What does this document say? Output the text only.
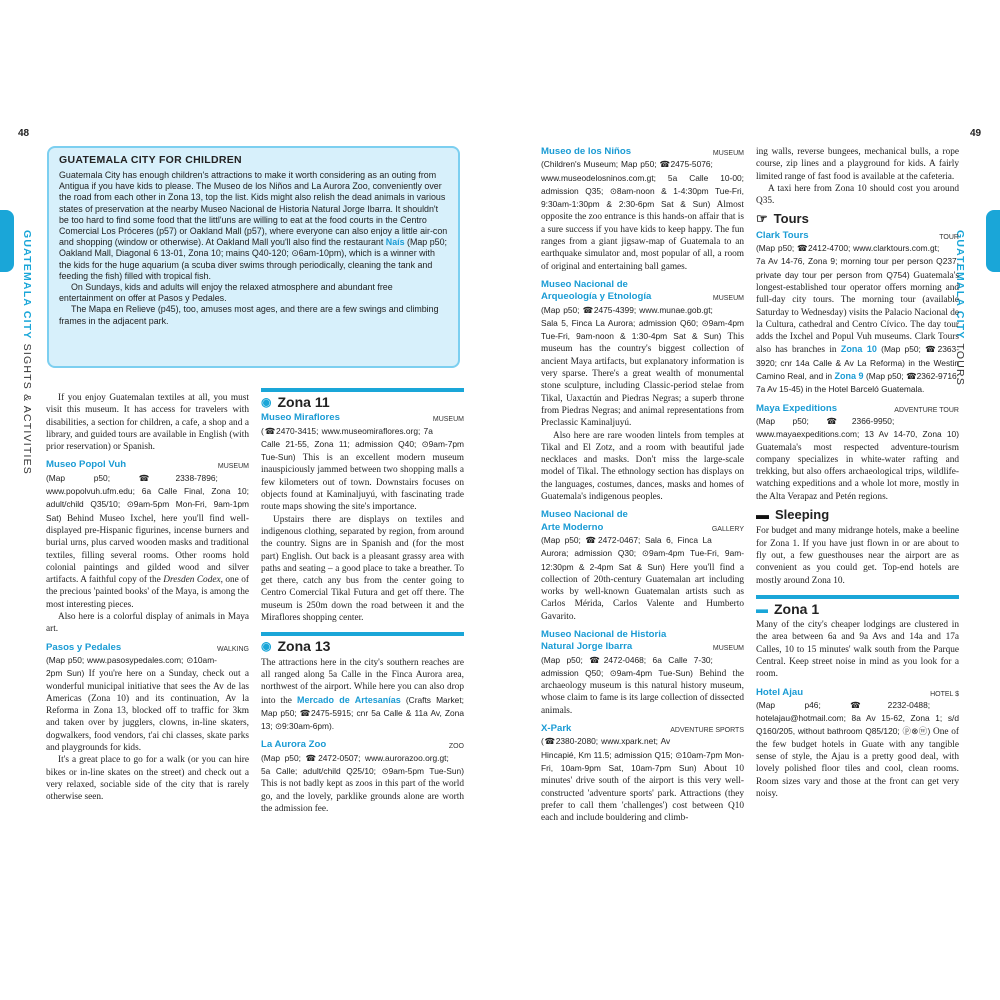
48	49
GUATEMALA CITY SIGHTS & ACTIVITIES
GUATEMALA CITY TOURS
GUATEMALA CITY FOR CHILDREN

Guatemala City has enough children's attractions to make it worth considering as an outing from Antigua if you have kids to please. The Museo de los Niños and La Aurora Zoo, conveniently over the road from each other in Zona 13, top the list. Kids might also relish the dead animals in various states of preservation at the nearby Museo Nacional de Historia Natural Jorge Ibarra. It shouldn't be too hard to find some food that the littl'uns are willing to eat at the food courts in the Centro Comercial Los Próceres (p57) or Oakland Mall (p57), where everyone can also enjoy a little air-con and shopping (window or otherwise). At Oakland Mall you'll also find the restaurant Naís (Map p50; Oakland Mall, Diagonal 6 13-01, Zona 10; mains Q40-120; ⊙6am-10pm), which is a winner with the kids for the huge aquarium (a scuba diver swims through periodically, cleaning the tank and feeding the fish) filled with tropical fish.

On Sundays, kids and adults will enjoy the relaxed atmosphere and abundant free entertainment on offer at Pasos y Pedales.

The Mapa en Relieve (p45), too, amuses most ages, and there are a few swings and climbing frames in the adjacent park.

If you enjoy Guatemalan textiles at all, you must visit this museum. It has access for travelers with disabilities, a section for children, a cafe, a shop and a library, and guided tours are available in English (with prior reservation) or Spanish.

Museo Popol Vuh	MUSEUM

(Map p50; ☎2338-7896; www.popolvuh.ufm.edu; 6a Calle Final, Zona 10; adult/child Q35/10; ⊙9am-5pm Mon-Fri, 9am-1pm Sat) Behind Museo Ixchel, here you'll find well-displayed pre-Hispanic figurines, incense burners and burial urns, plus carved wooden masks and traditional textiles, filling several rooms. Other rooms hold colonial paintings and gilded wood and silver artifacts. A faithful copy of the Dresden Codex, one of the precious 'painted books' of the Maya, is among the most interesting pieces.

Also here is a colorful display of animals in Maya art.

Pasos y Pedales	WALKING

(Map p50; www.pasosypedales.com; ⊙10am-2pm Sun) If you're here on a Sunday, check out a wonderful municipal initiative that sees the Av de las Americas (Zona 10) and its continuation, Av la Reforma in Zona 13, blocked off to traffic for 3km and taken over by jugglers, clowns, in-line skaters, dogwalkers, food vendors, t'ai chi classes, skate parks and playgrounds for kids.

It's a great place to go for a walk (or you can hire bikes or in-line skates on the street) and check out a very relaxed, sociable side of the city that is rarely otherwise seen.

◉ Zona 11
Museo Miraflores	MUSEUM

(☎2470-3415; www.museomiraflores.org; 7a Calle 21-55, Zona 11; admission Q40; ⊙9am-7pm Tue-Sun) This is an excellent modern museum inauspiciously jammed between two shopping malls a few kilometers out of town. Downstairs focuses on objects found at Kaminaljuyú, with fascinating trade route maps showing the site's importance.

Upstairs there are displays on textiles and indigenous clothing, separated by region, from around the country. Signs are in Spanish and (for the most part) English. Out back is a pleasant grassy area with paths and seating – a good place to take a breather. To get there, catch any bus from the center going to Centro Comercial Tikal Futura and get off there. The museum is 250m down the road between it and the Miraflores shopping center.

◉ Zona 13

The attractions here in the city's southern reaches are all ranged along 5a Calle in the Finca Aurora area, northwest of the airport. While here you can also drop into the Mercado de Artesanías (Crafts Market; Map p50; ☎2475-5915; cnr 5a Calle & 11a Av, Zona 13; ⊙9:30am-6pm).

La Aurora Zoo	ZOO

(Map p50; ☎2472-0507; www.aurorazoo.org.gt; 5a Calle; adult/child Q25/10; ⊙9am-5pm Tue-Sun) This is not badly kept as zoos in this part of the world go, and the lovely, parklike grounds alone are worth the admission fee.

Museo de los Niños	MUSEUM

(Children's Museum; Map p50; ☎2475-5076; www.museodelosninos.com.gt; 5a Calle 10-00; admission Q35; ⊙8am-noon & 1-4:30pm Tue-Fri, 9:30am-1:30pm & 2:30-6pm Sat & Sun) Almost opposite the zoo entrance is this hands-on affair that is a sure success if you have kids to keep happy. The fun ranges from a giant jigsaw-map of Guatemala to an earthquake simulator and, most popular of all, a room of original and entertaining ball games.

Museo Nacional de
Arqueología y Etnología	MUSEUM

(Map p50; ☎2475-4399; www.munae.gob.gt; Sala 5, Finca La Aurora; admission Q60; ⊙9am-4pm Tue-Fri, 9am-noon & 1:30-4pm Sat & Sun) This museum has the country's biggest collection of ancient Maya artifacts, but explanatory information is very sparse. There's a great wealth of monumental stone sculpture, including Classic-period stelae from Tikal, Uaxactún and Piedras Negras; a superb throne from Piedras Negras; and animal representations from Preclassic Kaminaljuyú.

Also here are rare wooden lintels from temples at Tikal and El Zotz, and a room with beautiful jade necklaces and masks. Don't miss the large-scale model of Tikal. The ethnology section has displays on the languages, costumes, dances, masks and homes of Guatemala's indigenous peoples.

Museo Nacional de
Arte Moderno	GALLERY

(Map p50; ☎2472-0467; Sala 6, Finca La Aurora; admission Q30; ⊙9am-4pm Tue-Fri, 9am-12:30pm & 2-4pm Sat & Sun) Here you'll find a collection of 20th-century Guatemalan art including works by well-known Guatemalan artists such as Carlos Mérida, Carlos Valente and Humberto Gavarito.

Museo Nacional de Historia
Natural Jorge Ibarra	MUSEUM

(Map p50; ☎2472-0468; 6a Calle 7-30; admission Q50; ⊙9am-4pm Tue-Sun) Behind the archaeology museum is this natural history museum, whose claim to fame is its large collection of dissected animals.

X-Park	ADVENTURE SPORTS

(☎2380-2080; www.xpark.net; Av Hincapié, Km 11.5; admission Q15; ⊙10am-7pm Mon-Fri, 10am-9pm Sat, 10am-7pm Sun) About 10 minutes' drive south of the airport is this very well-constructed 'adventure sports' park. Attractions (they prefer to call them 'challenges') cost between Q10 each and include bouldering and climb-

ing walls, reverse bungees, mechanical bulls, a rope course, zip lines and a playground for kids. A fairly limited range of fast food is available at the cafeteria.

A taxi here from Zona 10 should cost you around Q35.

☞ Tours
Clark Tours	TOUR

(Map p50; ☎2412-4700; www.clarktours.com.gt; 7a Av 14-76, Zona 9; morning tour per person Q237, private day tour per person from Q754) Guatemala's longest-established tour operator offers morning and full-day city tours. The morning tour (available Saturday to Wednesday) visits the Palacio Nacional de la Cultura, cathedral and Centro Cívico. The day tour adds the Ixchel and Popul Vuh museums. Clark Tours also has branches in Zona 10 (Map p50; ☎2363-3920; cnr 14a Calle & Av La Reforma) in the Westin Camino Real, and in Zona 9 (Map p50; ☎2362-9716; 7a Av 15-45) in the Hotel Barceló Guatemala.

Maya Expeditions	ADVENTURE TOUR

(Map p50; ☎2366-9950; www.mayaexpeditions.com; 13 Av 14-70, Zona 10) Guatemala's most respected adventure-tourism company specializes in white-water rafting and trekking, but also offers archaeological trips, wildlife-watching expeditions and a whole lot more, mostly in the Alta Verapaz and Petén regions.

▬ Sleeping

For budget and many midrange hotels, make a beeline for Zona 1. If you have just flown in or are about to fly out, a few guesthouses near the airport are as convenient as you could get. Top-end hotels are mostly around Zona 10.

▬ Zona 1

Many of the city's cheaper lodgings are clustered in the area between 6a and 9a Avs and 14a and 17a Calles, 10 to 15 minutes' walk south from the Parque Central. Keep street noise in mind as you look for a room.

Hotel Ajau	HOTEL $

(Map p46; ☎2232-0488; hotelajau@hotmail.com; 8a Av 15-62, Zona 1; s/d Q160/205, without bathroom Q85/120; ⓟ⊗ⓦ) One of the few budget hotels in Guate with any tangible sense of style, the Ajau is a pretty good deal, with lovely polished floor tiles and cool, clean rooms. Room sizes vary and those at the front can get very noisy.
